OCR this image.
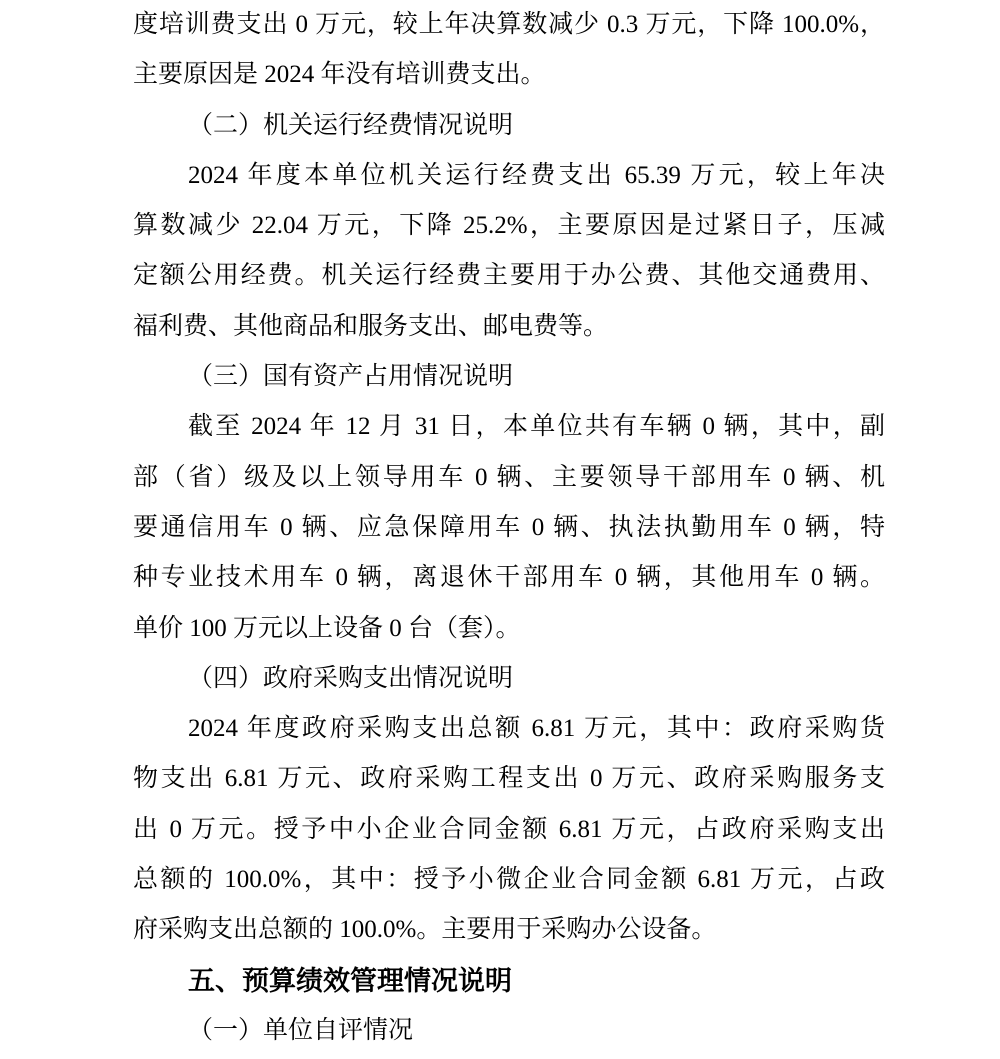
度培训费支出 0 万元，较上年决算数减少 0.3 万元，下降 100.0%，
主要原因是 2024 年没有培训费支出。
（二）机关运行经费情况说明
2024 年度本单位机关运行经费支出 65.39 万元，较上年决
算数减少 22.04 万元，下降 25.2%，主要原因是过紧日子，压减
定额公用经费。机关运行经费主要用于办公费、其他交通费用、
福利费、其他商品和服务支出、邮电费等。
（三）国有资产占用情况说明
截至 2024 年 12 月 31 日，本单位共有车辆 0 辆，其中，副
部（省）级及以上领导用车 0 辆、主要领导干部用车 0 辆、机
要通信用车 0 辆、应急保障用车 0 辆、执法执勤用车 0 辆，特
种专业技术用车 0 辆，离退休干部用车 0 辆，其他用车 0 辆。
单价 100 万元以上设备 0 台（套）。
（四）政府采购支出情况说明
2024 年度政府采购支出总额 6.81 万元，其中：政府采购货
物支出 6.81 万元、政府采购工程支出 0 万元、政府采购服务支
出 0 万元。授予中小企业合同金额 6.81 万元，占政府采购支出
总额的 100.0%，其中：授予小微企业合同金额 6.81 万元，占政
府采购支出总额的 100.0%。主要用于采购办公设备。
五、预算绩效管理情况说明
（一）单位自评情况
